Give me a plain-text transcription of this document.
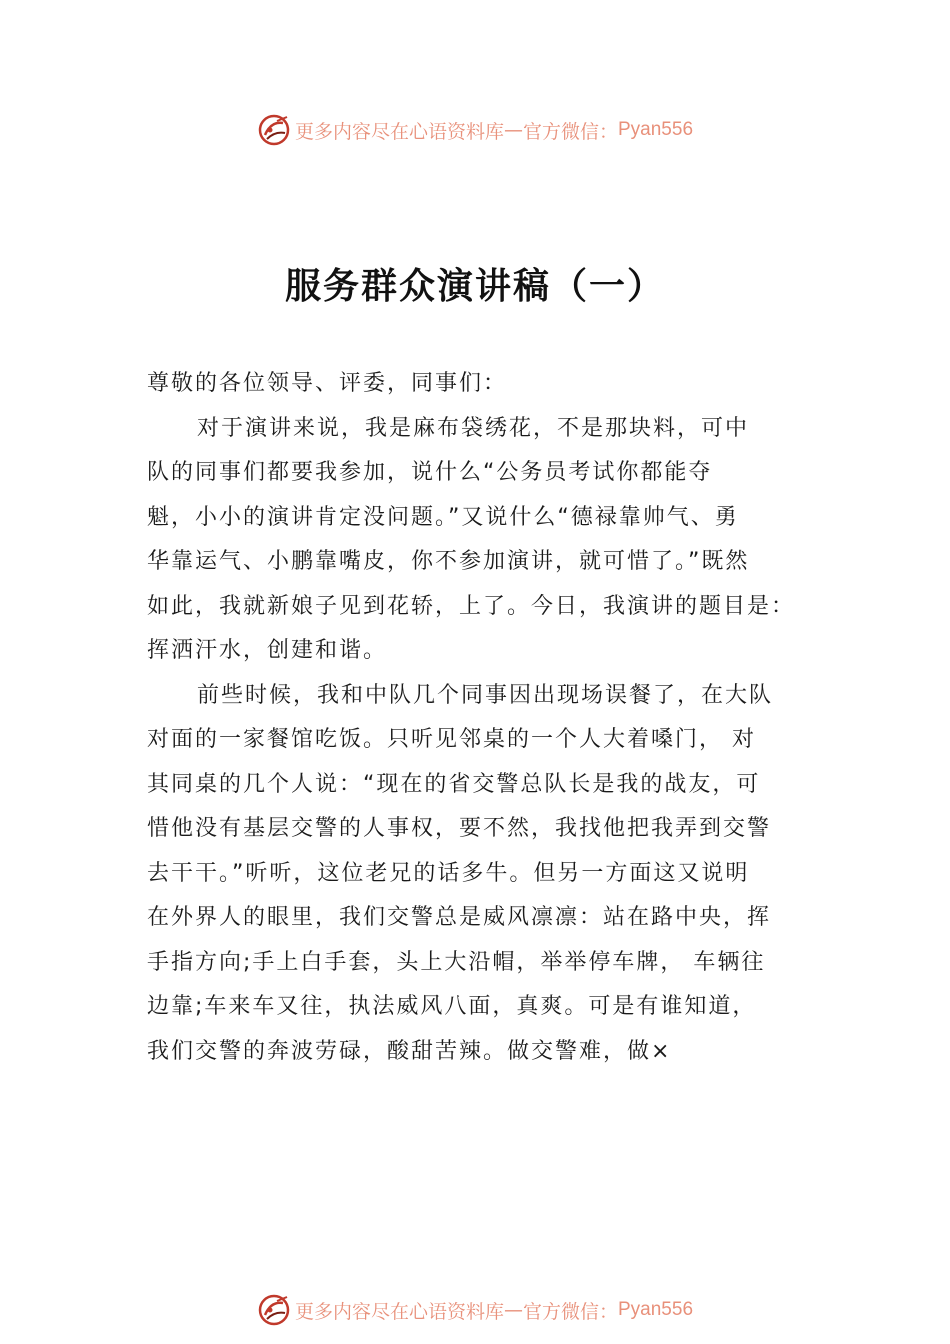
更多内容尽在心语资料库 — 官方微信： Pyan556
服务群众演讲稿（一）
尊敬的各位领导、评委，同事们：
对于演讲来说，我是麻布袋绣花，不是那块料，可中
队的同事们都要我参加，说什么“公务员考试你都能夺
魁，小小的演讲肯定没问题。”又说什么“德禄靠帅气、勇
华靠运气、小鹏靠嘴皮，你不参加演讲，就可惜了。”既然
如此，我就新娘子见到花轿，上了。今日，我演讲的题目是：
挥洒汗水，创建和谐。
前些时候，我和中队几个同事因出现场误餐了，在大队
对面的一家餐馆吃饭。只听见邻桌的一个人大着嗓门， 对
其同桌的几个人说：“现在的省交警总队长是我的战友，可
惜他没有基层交警的人事权，要不然，我找他把我弄到交警
去干干。”听听，这位老兄的话多牛。但另一方面这又说明
在外界人的眼里，我们交警总是威风凛凛：站在路中央，挥
手指方向;手上白手套，头上大沿帽，举举停车牌， 车辆往
边靠;车来车又往，执法威风八面，真爽。可是有谁知道，
我们交警的奔波劳碌，酸甜苦辣。做交警难，做×
更多内容尽在心语资料库 — 官方微信： Pyan556
